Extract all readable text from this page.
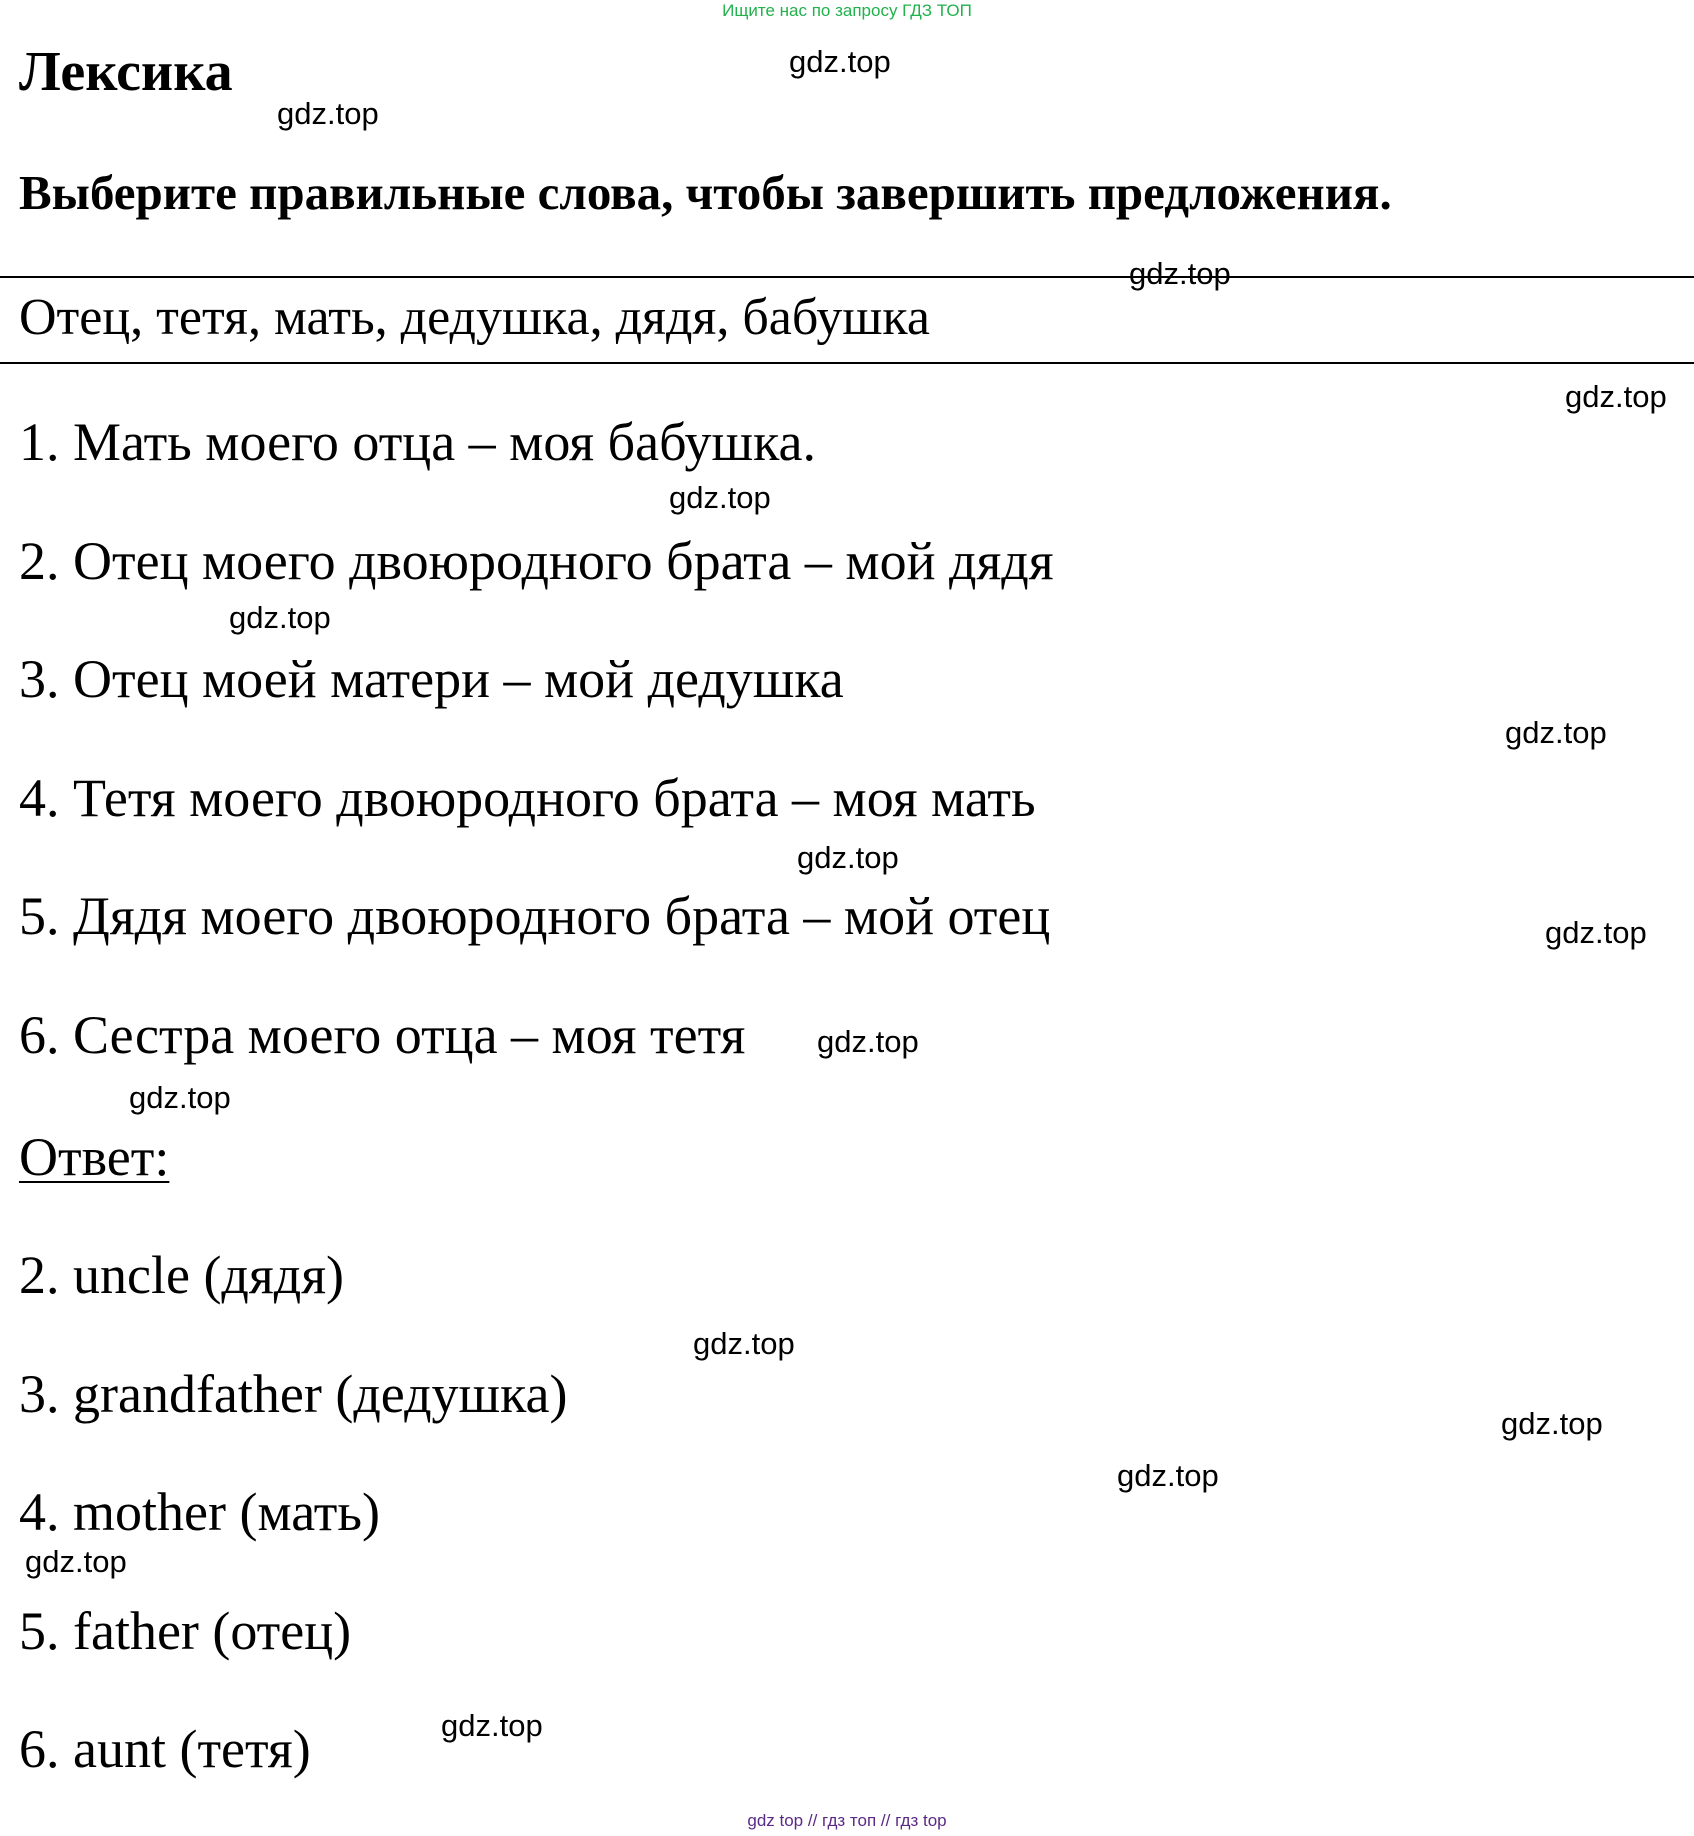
Ищите нас по запросу ГДЗ ТОП
Лексика
Выберите правильные слова, чтобы завершить предложения.
Отец, тетя, мать, дедушка, дядя, бабушка
1. Мать моего отца – моя бабушка.
2. Отец моего двоюродного брата – мой дядя
3. Отец моей матери – мой дедушка
4. Тетя моего двоюродного брата – моя мать
5. Дядя моего двоюродного брата – мой отец
6. Сестра моего отца – моя тетя
Ответ:
2. uncle (дядя)
3. grandfather (дедушка)
4. mother (мать)
5. father (отец)
6. aunt (тетя)
gdz.top
gdz.top
gdz.top
gdz.top
gdz.top
gdz.top
gdz.top
gdz.top
gdz.top
gdz.top
gdz.top
gdz.top
gdz.top
gdz.top
gdz.top
gdz.top
gdz top // гдз топ // гдз top
